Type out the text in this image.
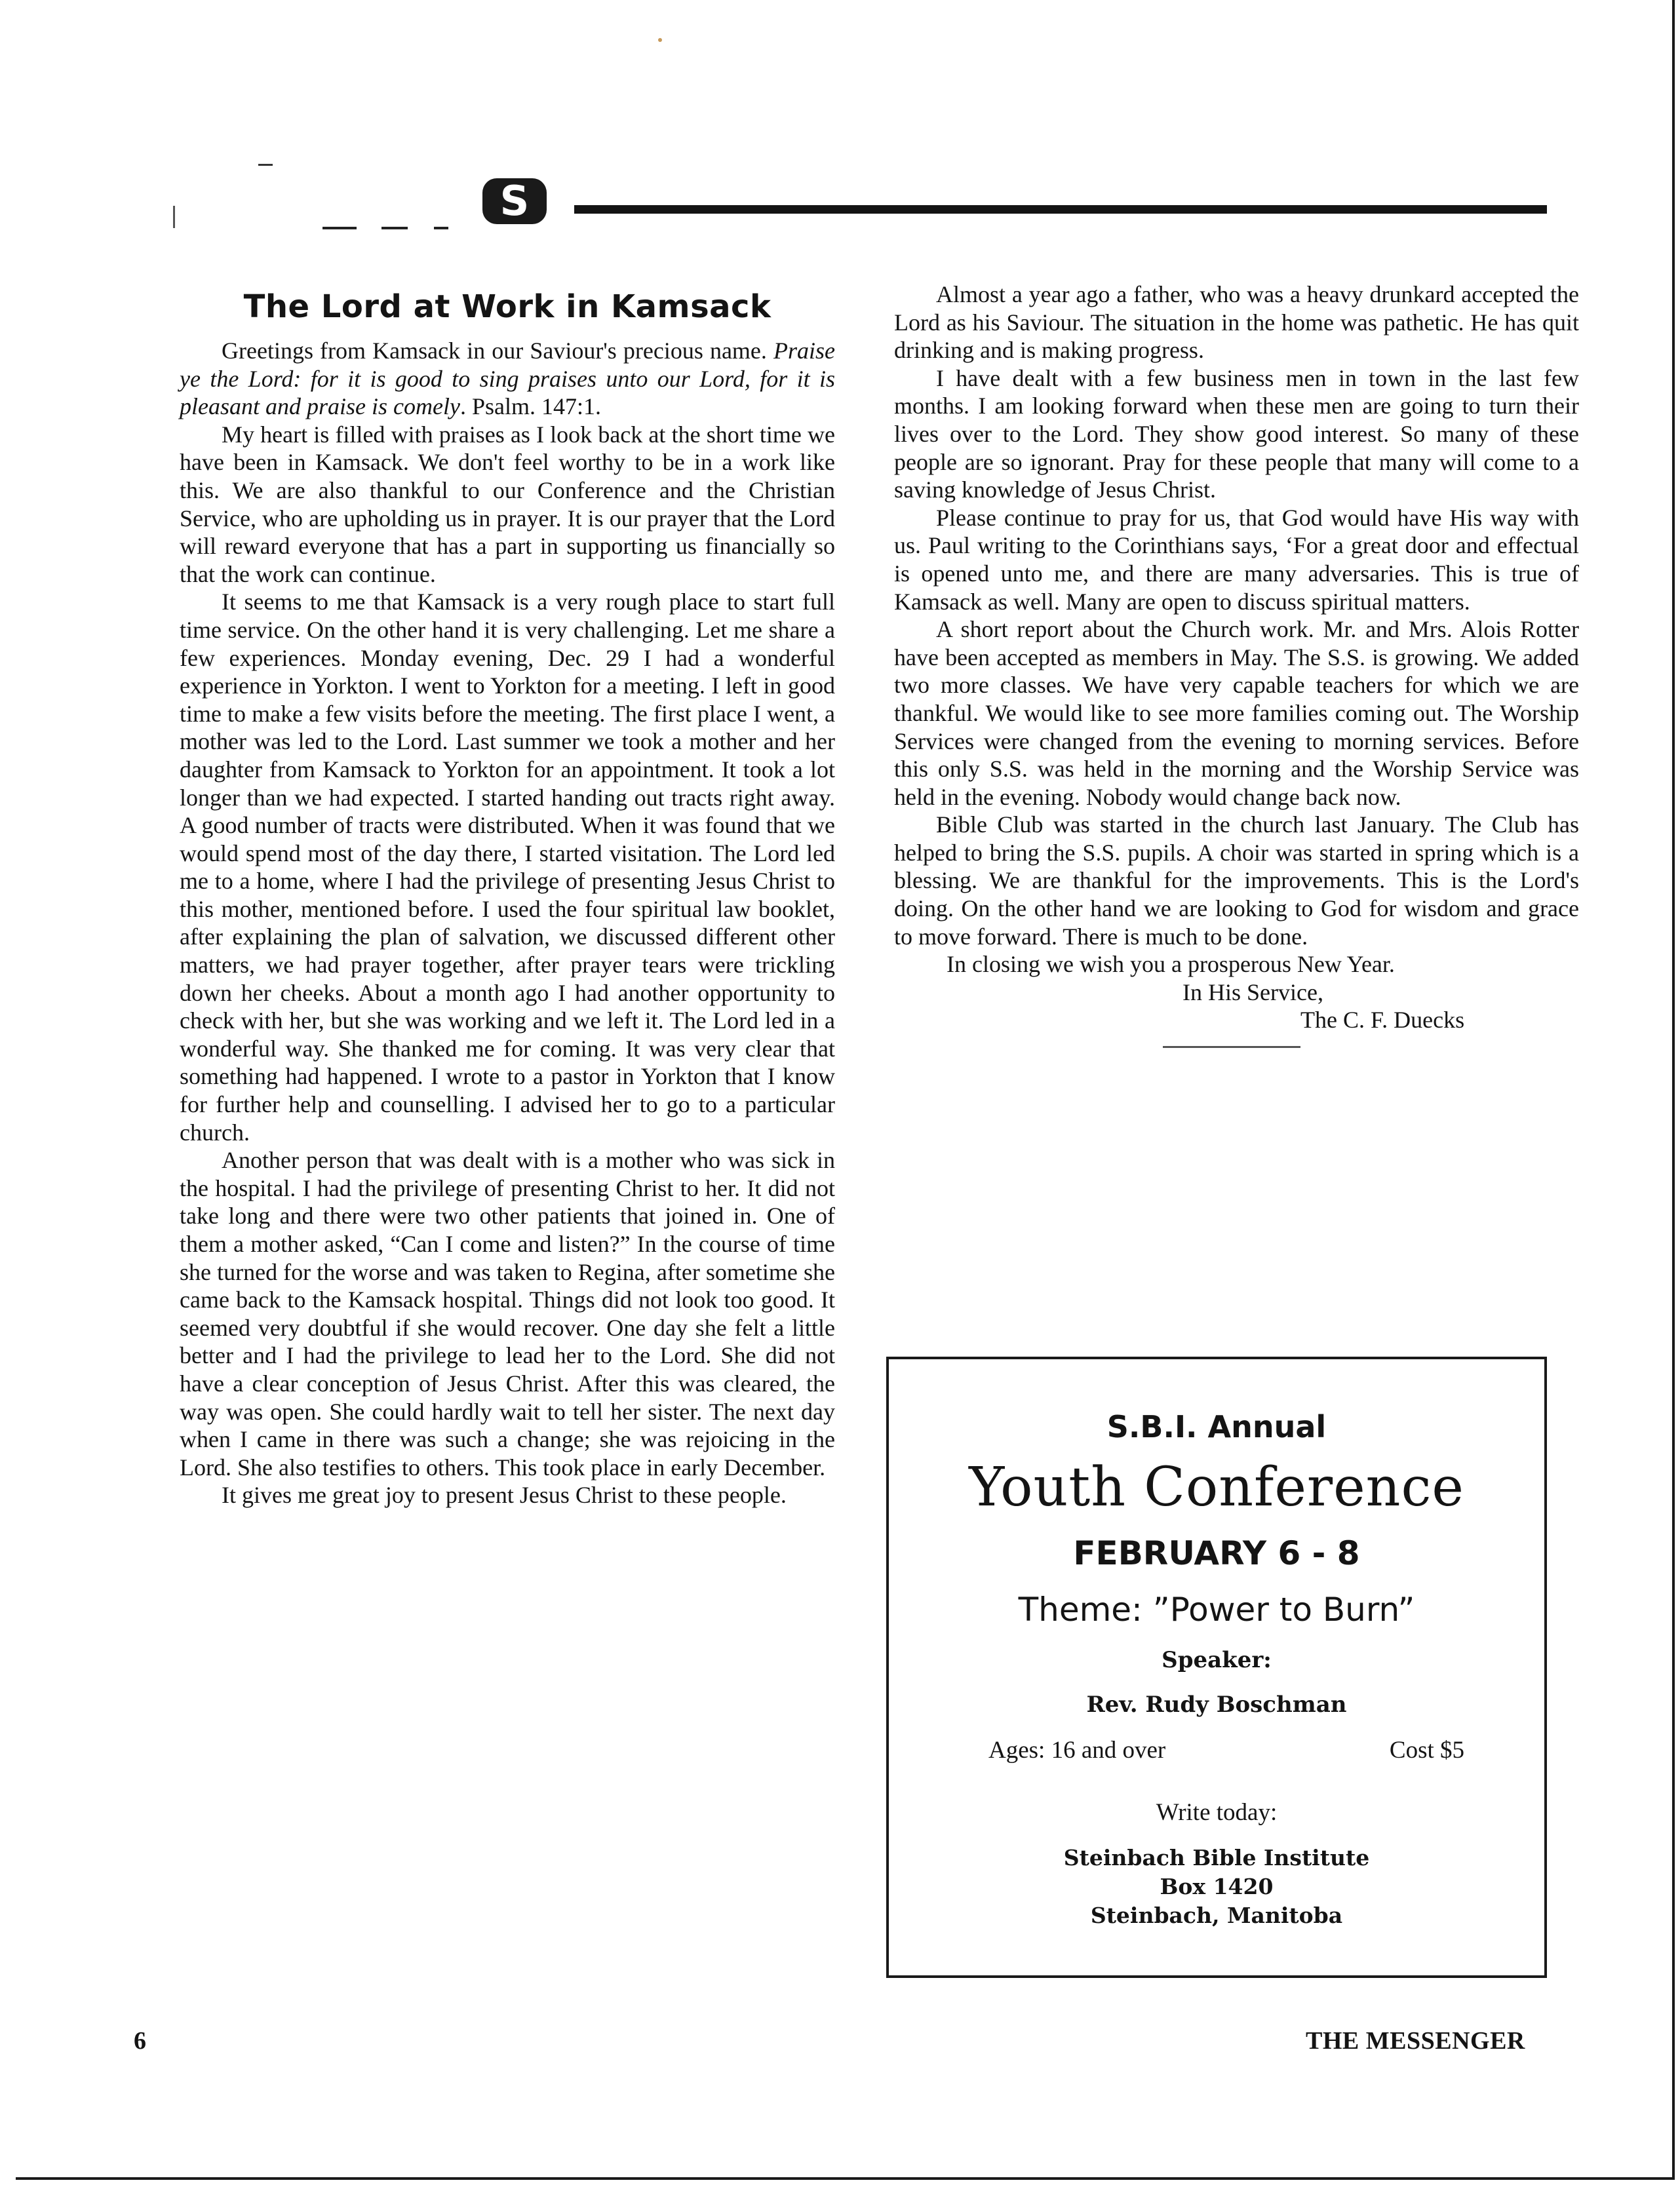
S
The Lord at Work in Kamsack

Greetings from Kamsack in our Saviour's precious name. Praise ye the Lord: for it is good to sing praises unto our Lord, for it is pleasant and praise is comely. Psalm. 147:1.

My heart is filled with praises as I look back at the short time we have been in Kamsack. We don't feel worthy to be in a work like this. We are also thankful to our Conference and the Christian Service, who are upholding us in prayer. It is our prayer that the Lord will reward everyone that has a part in supporting us financially so that the work can continue.

It seems to me that Kamsack is a very rough place to start full time service. On the other hand it is very challenging. Let me share a few experiences. Monday evening, Dec. 29 I had a wonderful experience in Yorkton. I went to Yorkton for a meeting. I left in good time to make a few visits before the meeting. The first place I went, a mother was led to the Lord. Last summer we took a mother and her daughter from Kamsack to Yorkton for an appointment. It took a lot longer than we had expected. I started handing out tracts right away. A good number of tracts were distributed. When it was found that we would spend most of the day there, I started visitation. The Lord led me to a home, where I had the privilege of presenting Jesus Christ to this mother, mentioned before. I used the four spiritual law booklet, after explaining the plan of salvation, we discussed different other matters, we had prayer together, after prayer tears were trickling down her cheeks. About a month ago I had another opportunity to check with her, but she was working and we left it. The Lord led in a wonderful way. She thanked me for coming. It was very clear that something had happened. I wrote to a pastor in Yorkton that I know for further help and counselling. I advised her to go to a particular church.

Another person that was dealt with is a mother who was sick in the hospital. I had the privilege of presenting Christ to her. It did not take long and there were two other patients that joined in. One of them a mother asked, “Can I come and listen?” In the course of time she turned for the worse and was taken to Regina, after sometime she came back to the Kamsack hospital. Things did not look too good. It seemed very doubtful if she would recover. One day she felt a little better and I had the privilege to lead her to the Lord. She did not have a clear conception of Jesus Christ. After this was cleared, the way was open. She could hardly wait to tell her sister. The next day when I came in there was such a change; she was rejoicing in the Lord. She also testifies to others. This took place in early December.

It gives me great joy to present Jesus Christ to these people.

Almost a year ago a father, who was a heavy drunkard accepted the Lord as his Saviour. The situation in the home was pathetic. He has quit drinking and is making progress.

I have dealt with a few business men in town in the last few months. I am looking forward when these men are going to turn their lives over to the Lord. They show good interest. So many of these people are so ignorant. Pray for these people that many will come to a saving knowledge of Jesus Christ.

Please continue to pray for us, that God would have His way with us. Paul writing to the Corinthians says, ‘For a great door and effectual is opened unto me, and there are many adversaries. This is true of Kamsack as well. Many are open to discuss spiritual matters.

A short report about the Church work. Mr. and Mrs. Alois Rotter have been accepted as members in May. The S.S. is growing. We added two more classes. We have very capable teachers for which we are thankful. We would like to see more families coming out. The Worship Services were changed from the evening to morning services. Before this only S.S. was held in the morning and the Worship Service was held in the evening. Nobody would change back now.

Bible Club was started in the church last January. The Club has helped to bring the S.S. pupils. A choir was started in spring which is a blessing. We are thankful for the improvements. This is the Lord's doing. On the other hand we are looking to God for wisdom and grace to move forward. There is much to be done.

In closing we wish you a prosperous New Year.
In His Service,
The C. F. Duecks
S.B.I. Annual
Youth Conference
FEBRUARY 6 - 8
Theme: ”Power to Burn”
Speaker:
Rev. Rudy Boschman
Ages: 16 and over	Cost $5
Write today:
Steinbach Bible Institute
Box 1420
Steinbach, Manitoba
6	THE MESSENGER
